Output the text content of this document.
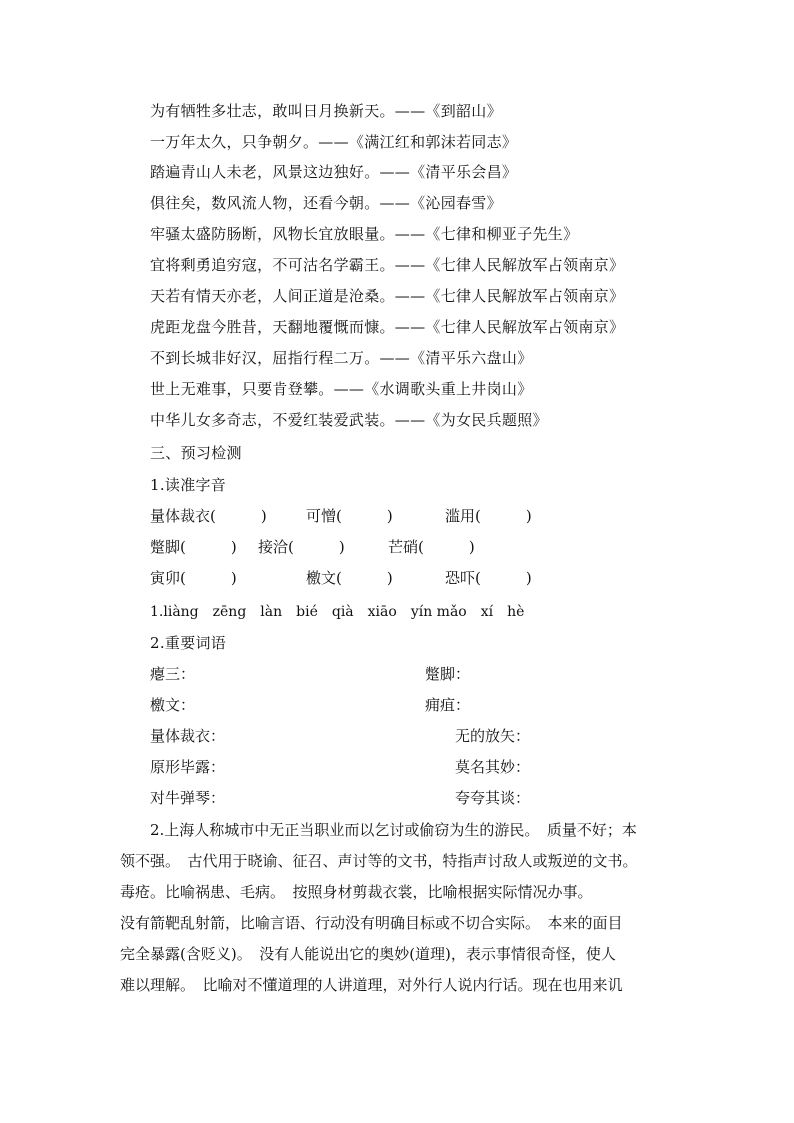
为有牺牲多壮志，敢叫日月换新天。——《到韶山》
一万年太久，只争朝夕。——《满江红和郭沫若同志》
踏遍青山人未老，风景这边独好。——《清平乐会昌》
俱往矣，数风流人物，还看今朝。——《沁园春雪》
牢骚太盛防肠断，风物长宜放眼量。——《七律和柳亚子先生》
宜将剩勇追穷寇，不可沽名学霸王。——《七律人民解放军占领南京》
天若有情天亦老，人间正道是沧桑。——《七律人民解放军占领南京》
虎距龙盘今胜昔，天翻地覆慨而慷。——《七律人民解放军占领南京》
不到长城非好汉，屈指行程二万。——《清平乐六盘山》
世上无难事，只要肯登攀。——《水调歌头重上井岗山》
中华儿女多奇志，不爱红装爱武装。——《为女民兵题照》
三、预习检测
1.读准字音
量体裁衣(　　　)	可憎(　　　)	滥用(　　　)
蹩脚(　　　) 接洽(　　　)	芒硝(　　　)
寅卯(　　　)	檄文(　　　)	恐吓(　　　)
1.liàng zēng làn bié qià xiāo yín mǎo xí hè
2.重要词语
瘪三：	蹩脚：
檄文：	痈疽：
量体裁衣：	无的放矢：
原形毕露：	莫名其妙：
对牛弹琴：	夸夸其谈：
2.上海人称城市中无正当职业而以乞讨或偷窃为生的游民。　质量不好；本
领不强。　古代用于晓谕、征召、声讨等的文书，特指声讨敌人或叛逆的文书。
毒疮。比喻祸患、毛病。　按照身材剪裁衣裳，比喻根据实际情况办事。
没有箭靶乱射箭，比喻言语、行动没有明确目标或不切合实际。　本来的面目
完全暴露(含贬义)。　没有人能说出它的奥妙(道理)，表示事情很奇怪，使人
难以理解。　比喻对不懂道理的人讲道理，对外行人说内行话。现在也用来讥
